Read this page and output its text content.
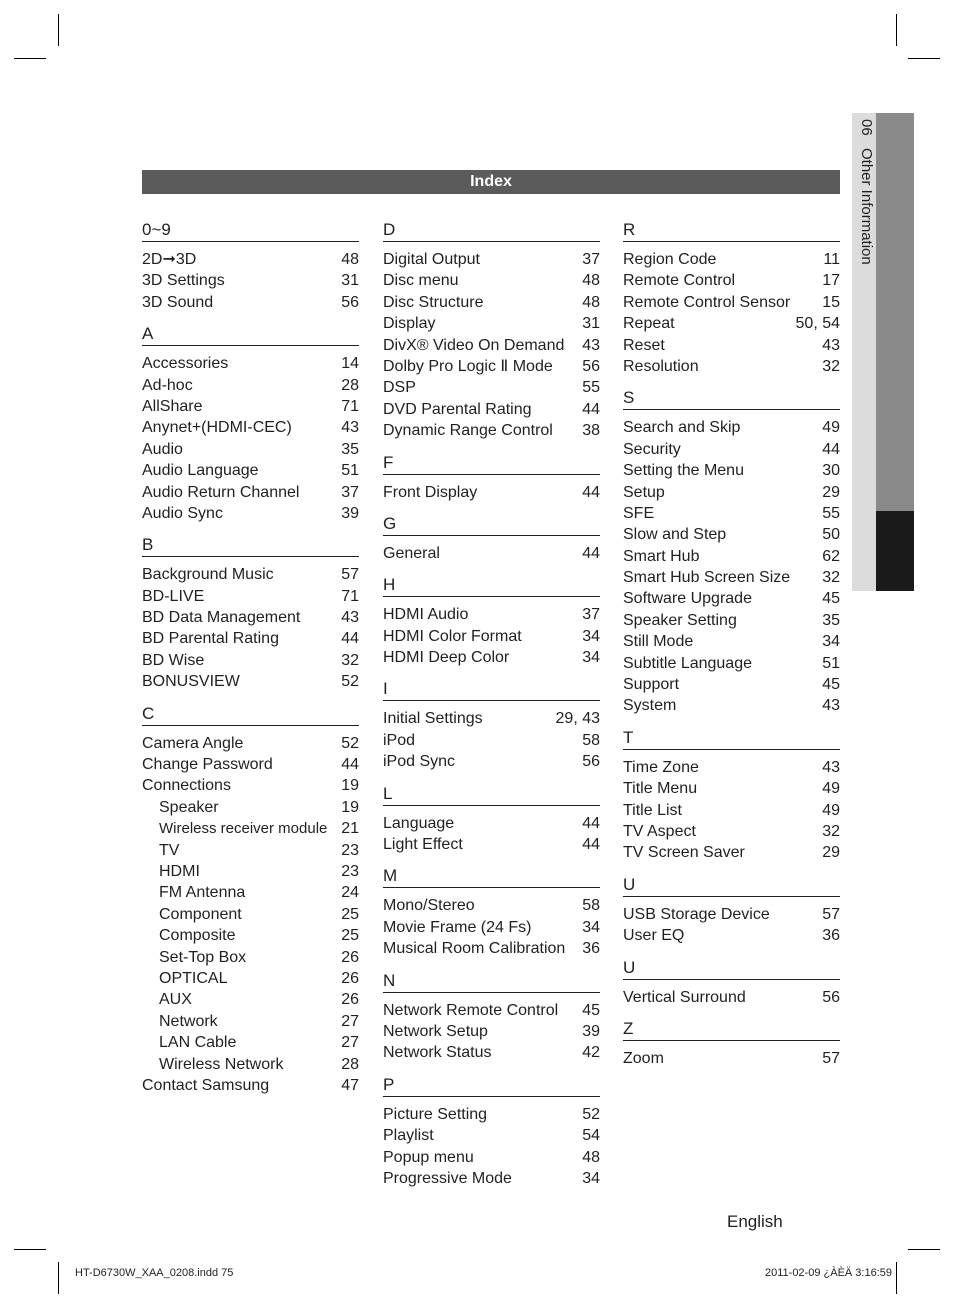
06 Other Information
Index
0~9
2D➞3D	48
3D Settings	31
3D Sound	56
A
Accessories	14
Ad-hoc	28
AllShare	71
Anynet+(HDMI-CEC)	43
Audio	35
Audio Language	51
Audio Return Channel	37
Audio Sync	39
B
Background Music	57
BD-LIVE	71
BD Data Management	43
BD Parental Rating	44
BD Wise	32
BONUSVIEW	52
C
Camera Angle	52
Change Password	44
Connections	19
Speaker	19
Wireless receiver module 21
TV	23
HDMI	23
FM Antenna	24
Component	25
Composite	25
Set-Top Box	26
OPTICAL	26
AUX	26
Network	27
LAN Cable	27
Wireless Network	28
Contact Samsung	47
D
Digital Output	37
Disc menu	48
Disc Structure	48
Display	31
DivX® Video On Demand 43
Dolby Pro Logic Ⅱ Mode 56
DSP	55
DVD Parental Rating	44
Dynamic Range Control 38
F
Front Display	44
G
General	44
H
HDMI Audio	37
HDMI Color Format	34
HDMI Deep Color	34
I
Initial Settings	29, 43
iPod	58
iPod Sync	56
L
Language	44
Light Effect	44
M
Mono/Stereo	58
Movie Frame (24 Fs)	34
Musical Room Calibration 36
N
Network Remote Control 45
Network Setup	39
Network Status	42
P
Picture Setting	52
Playlist	54
Popup menu	48
Progressive Mode	34
R
Region Code	11
Remote Control	17
Remote Control Sensor 15
Repeat	50, 54
Reset	43
Resolution	32
S
Search and Skip	49
Security	44
Setting the Menu	30
Setup	29
SFE	55
Slow and Step	50
Smart Hub	62
Smart Hub Screen Size 32
Software Upgrade	45
Speaker Setting	35
Still Mode	34
Subtitle Language	51
Support	45
System	43
T
Time Zone	43
Title Menu	49
Title List	49
TV Aspect	32
TV Screen Saver	29
U
USB Storage Device	57
User EQ	36
U
Vertical Surround	56
Z
Zoom	57
English
HT-D6730W_XAA_0208.indd 75	2011-02-09 ¿ÀÈÄ 3:16:59
